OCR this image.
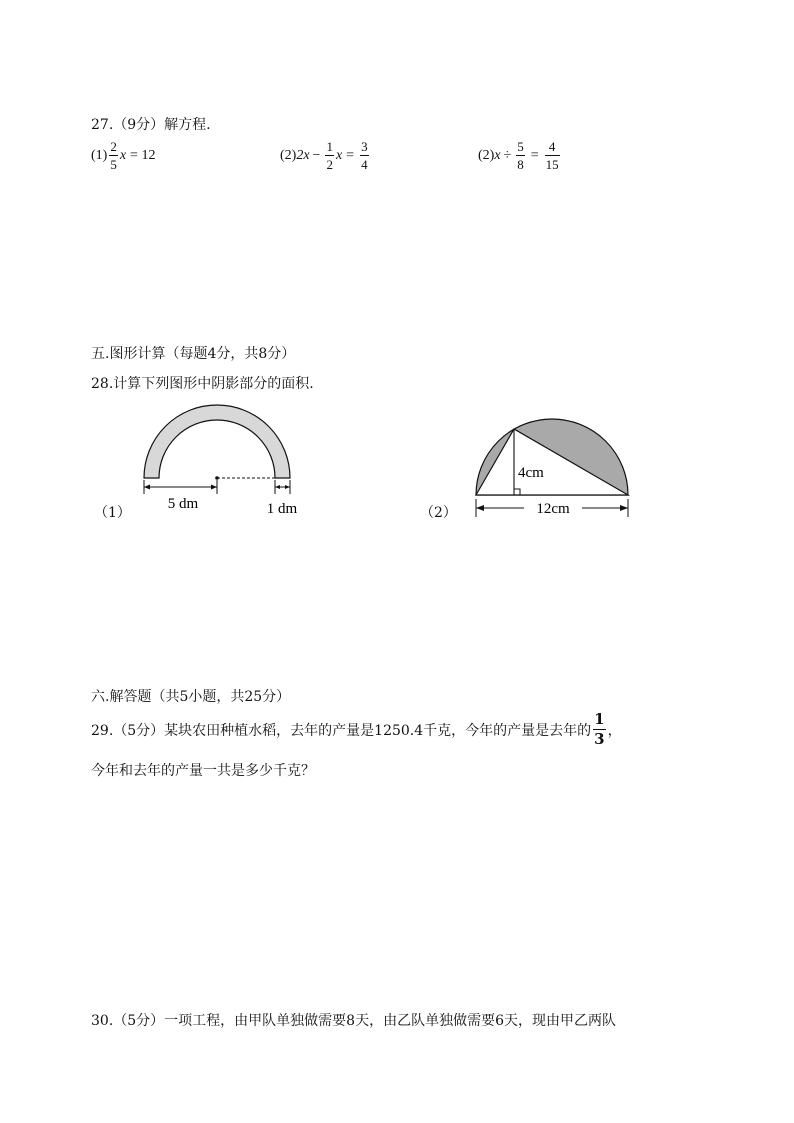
27.（9分）解方程.
$(1) \frac{2}{5}$ x = 12	(2) $2x - \frac{1}{2}$ $x = \frac{3}{4}$	(2) $x \div \frac{5}{8} = \frac{4}{15}$
五.图形计算（每题4分，共8分）
28.计算下列图形中阴影部分的面积.
（1）
5 dm	1 dm	（2）
4cm
12cm
六.解答题（共5小题，共25分）
29.（5分）某块农田种植水稻，去年的产量是1250.4千克，今年的产量是去年的 $\frac{1}{3}$ ，
今年和去年的产量一共是多少千克？
30.（5分）一项工程，由甲队单独做需要8天，由乙队单独做需要6天，现由甲乙两队
